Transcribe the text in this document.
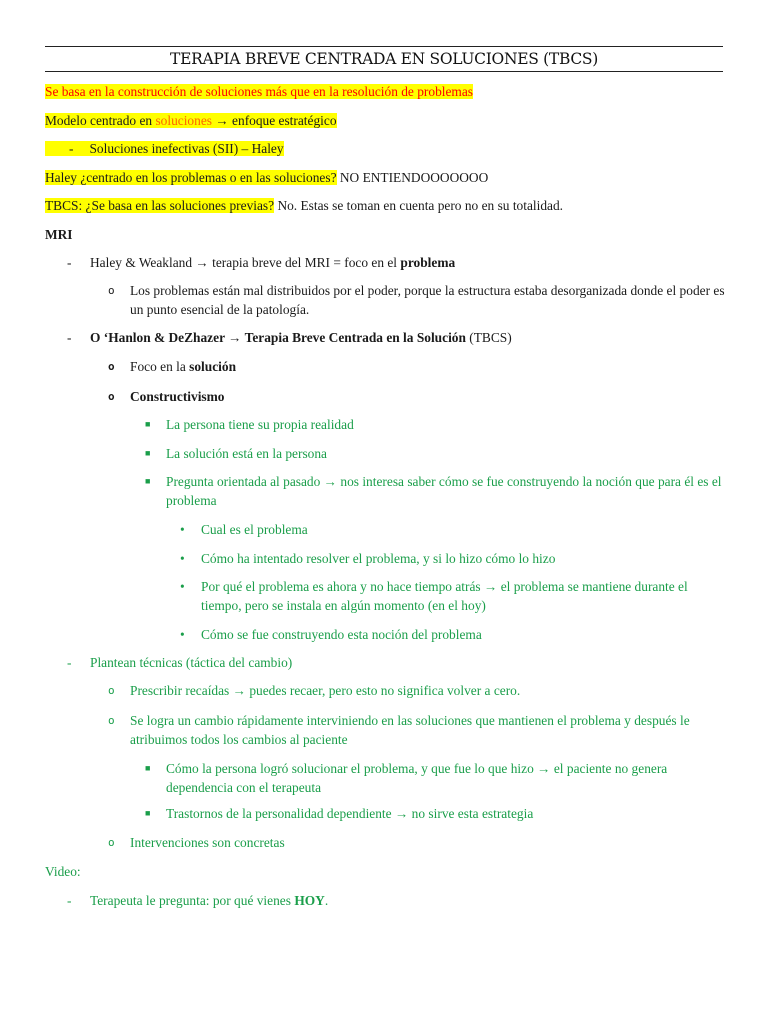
TERAPIA BREVE CENTRADA EN SOLUCIONES (TBCS)
Se basa en la construcción de soluciones más que en la resolución de problemas
Modelo centrado en soluciones → enfoque estratégico
- Soluciones inefectivas (SII) – Haley
Haley ¿centrado en los problemas o en las soluciones? NO ENTIENDOOOOOOO
TBCS: ¿Se basa en las soluciones previas? No. Estas se toman en cuenta pero no en su totalidad.
MRI
- Haley & Weakland → terapia breve del MRI = foco en el problema
o Los problemas están mal distribuidos por el poder, porque la estructura estaba desorganizada donde el poder es un punto esencial de la patología.
- O ‘Hanlon & DeZhazer → Terapia Breve Centrada en la Solución (TBCS)
o Foco en la solución
o Constructivismo
■ La persona tiene su propia realidad
■ La solución está en la persona
■ Pregunta orientada al pasado → nos interesa saber cómo se fue construyendo la noción que para él es el problema
• Cual es el problema
• Cómo ha intentado resolver el problema, y si lo hizo cómo lo hizo
• Por qué el problema es ahora y no hace tiempo atrás → el problema se mantiene durante el tiempo, pero se instala en algún momento (en el hoy)
• Cómo se fue construyendo esta noción del problema
- Plantean técnicas (táctica del cambio)
o Prescribir recaídas → puedes recaer, pero esto no significa volver a cero.
o Se logra un cambio rápidamente interviniendo en las soluciones que mantienen el problema y después le atribuimos todos los cambios al paciente
■ Cómo la persona logró solucionar el problema, y que fue lo que hizo → el paciente no genera dependencia con el terapeuta
■ Trastornos de la personalidad dependiente → no sirve esta estrategia
o Intervenciones son concretas
Video:
- Terapeuta le pregunta: por qué vienes HOY.
